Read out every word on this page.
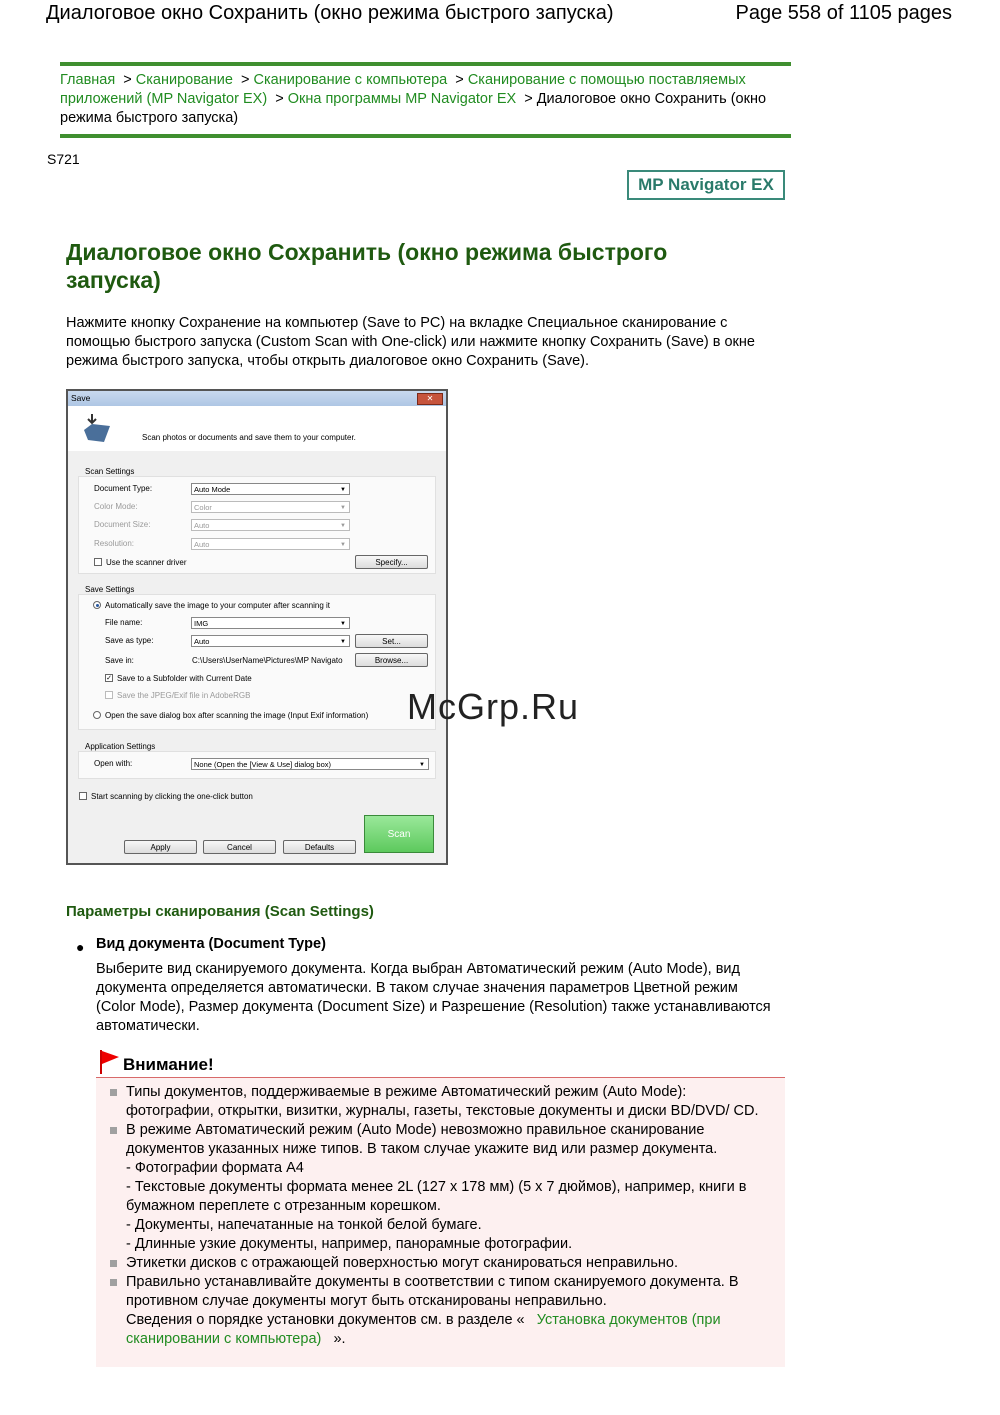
Диалоговое окно Сохранить (окно режима быстрого запуска)	Page 558 of 1105 pages
Главная  > Сканирование  > Сканирование с компьютера  > Сканирование с помощью поставляемых приложений (MP Navigator EX)  > Окна программы MP Navigator EX  > Диалоговое окно Сохранить (окно режима быстрого запуска)
S721
MP Navigator EX
Диалоговое окно Сохранить (окно режима быстрого запуска)
Нажмите кнопку Сохранение на компьютер (Save to PC) на вкладке Специальное сканирование с помощью быстрого запуска (Custom Scan with One-click) или нажмите кнопку Сохранить (Save) в окне режима быстрого запуска, чтобы открыть диалоговое окно Сохранить (Save).
Save	✕
Scan photos or documents and save them to your computer.
Scan Settings
Document Type:	Auto Mode	▼
Color Mode:	Color	▼
Document Size:	Auto	▼
Resolution:	Auto	▼
Use the scanner driver	Specify...
Save Settings
Automatically save the image to your computer after scanning it
File name:	IMG	▼
Save as type:	Auto	▼	Set...
Save in:	C:\Users\UserName\Pictures\MP Navigato	Browse...
✓ Save to a Subfolder with Current Date
Save the JPEG/Exif file in AdobeRGB
Open the save dialog box after scanning the image (Input Exif information)
Application Settings
Open with:	None (Open the [View & Use] dialog box)	▼
Start scanning by clicking the one-click button
Apply	Cancel	Defaults
Scan
McGrp.Ru
Параметры сканирования (Scan Settings)
● Вид документа (Document Type)
Выберите вид сканируемого документа. Когда выбран Автоматический режим (Auto Mode), вид документа определяется автоматически. В таком случае значения параметров Цветной режим (Color Mode), Размер документа (Document Size) и Разрешение (Resolution) также устанавливаются автоматически.
Внимание!
Типы документов, поддерживаемые в режиме Автоматический режим (Auto Mode): фотографии, открытки, визитки, журналы, газеты, текстовые документы и диски BD/DVD/ CD.
В режиме Автоматический режим (Auto Mode) невозможно правильное сканирование документов указанных ниже типов. В таком случае укажите вид или размер документа.
- Фотографии формата A4
- Текстовые документы формата менее 2L (127 x 178 мм) (5 x 7 дюймов), например, книги в бумажном переплете с отрезанным корешком.
- Документы, напечатанные на тонкой белой бумаге.
- Длинные узкие документы, например, панорамные фотографии.
Этикетки дисков с отражающей поверхностью могут сканироваться неправильно.
Правильно устанавливайте документы в соответствии с типом сканируемого документа. В противном случае документы могут быть отсканированы неправильно.
Сведения о порядке установки документов см. в разделе « Установка документов (при сканировании с компьютера) ».
